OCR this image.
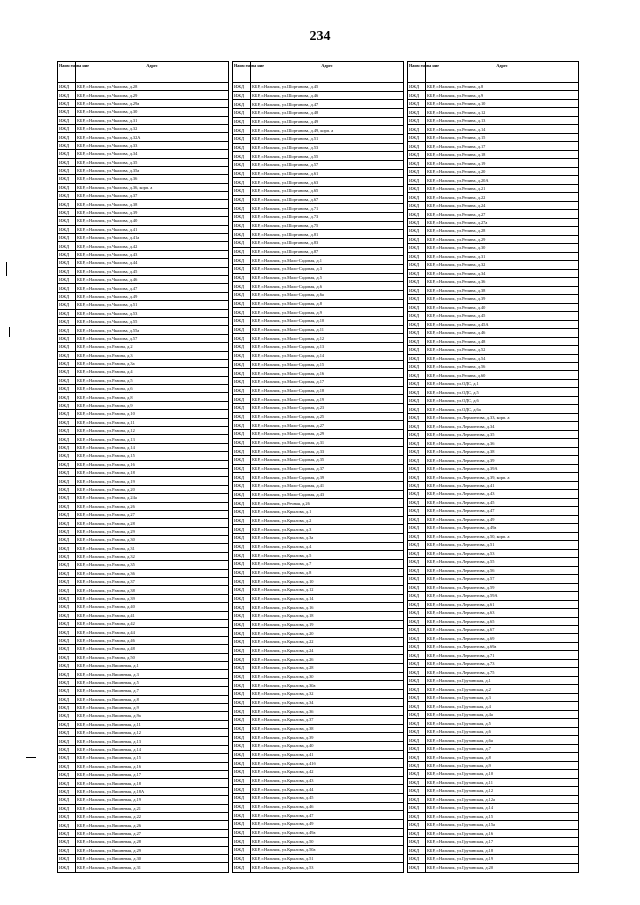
234
Наим енова ние	Адрес
ИЖД	КБР, г.Нальчик, ул.Чкалова, д.28
ИЖД	КБР, г.Нальчик, ул.Чкалова, д.29
ИЖД	КБР, г.Нальчик, ул.Чкалова, д.29а
ИЖД	КБР, г.Нальчик, ул.Чкалова, д.30
ИЖД	КБР, г.Нальчик, ул.Чкалова, д.31
ИЖД	КБР, г.Нальчик, ул.Чкалова, д.32
ИЖД	КБР, г.Нальчик, ул.Чкалова, д.32А
ИЖД	КБР, г.Нальчик, ул.Чкалова, д.33
ИЖД	КБР, г.Нальчик, ул.Чкалова, д.34
ИЖД	КБР, г.Нальчик, ул.Чкалова, д.35
ИЖД	КБР, г.Нальчик, ул.Чкалова, д.35а
ИЖД	КБР, г.Нальчик, ул.Чкалова, д.36
ИЖД	КБР, г.Нальчик, ул.Чкалова, д.36, корп. а
ИЖД	КБР, г.Нальчик, ул.Чкалова, д.37
ИЖД	КБР, г.Нальчик, ул.Чкалова, д.38
ИЖД	КБР, г.Нальчик, ул.Чкалова, д.39
ИЖД	КБР, г.Нальчик, ул.Чкалова, д.40
ИЖД	КБР, г.Нальчик, ул.Чкалова, д.41
ИЖД	КБР, г.Нальчик, ул.Чкалова, д.41а
ИЖД	КБР, г.Нальчик, ул.Чкалова, д.42
ИЖД	КБР, г.Нальчик, ул.Чкалова, д.43
ИЖД	КБР, г.Нальчик, ул.Чкалова, д.44
ИЖД	КБР, г.Нальчик, ул.Чкалова, д.45
ИЖД	КБР, г.Нальчик, ул.Чкалова, д.46
ИЖД	КБР, г.Нальчик, ул.Чкалова, д.47
ИЖД	КБР, г.Нальчик, ул.Чкалова, д.49
ИЖД	КБР, г.Нальчик, ул.Чкалова, д.51
ИЖД	КБР, г.Нальчик, ул.Чкалова, д.53
ИЖД	КБР, г.Нальчик, ул.Чкалова, д.55
ИЖД	КБР, г.Нальчик, ул.Чкалова, д.55а
ИЖД	КБР, г.Нальчик, ул.Чкалова, д.57
ИЖД	КБР, г.Нальчик, ул.Разина, д.2
ИЖД	КБР, г.Нальчик, ул.Разина, д.3
ИЖД	КБР, г.Нальчик, ул.Разина, д.3а
ИЖД	КБР, г.Нальчик, ул.Разина, д.4
ИЖД	КБР, г.Нальчик, ул.Разина, д.5
ИЖД	КБР, г.Нальчик, ул.Разина, д.6
ИЖД	КБР, г.Нальчик, ул.Разина, д.8
ИЖД	КБР, г.Нальчик, ул.Разина, д.9
ИЖД	КБР, г.Нальчик, ул.Разина, д.10
ИЖД	КБР, г.Нальчик, ул.Разина, д.11
ИЖД	КБР, г.Нальчик, ул.Разина, д.12
ИЖД	КБР, г.Нальчик, ул.Разина, д.13
ИЖД	КБР, г.Нальчик, ул.Разина, д.14
ИЖД	КБР, г.Нальчик, ул.Разина, д.15
ИЖД	КБР, г.Нальчик, ул.Разина, д.16
ИЖД	КБР, г.Нальчик, ул.Разина, д.18
ИЖД	КБР, г.Нальчик, ул.Разина, д.19
ИЖД	КБР, г.Нальчик, ул.Разина, д.20
ИЖД	КБР, г.Нальчик, ул.Разина, д.24а
ИЖД	КБР, г.Нальчик, ул.Разина, д.26
ИЖД	КБР, г.Нальчик, ул.Разина, д.27
ИЖД	КБР, г.Нальчик, ул.Разина, д.28
ИЖД	КБР, г.Нальчик, ул.Разина, д.29
ИЖД	КБР, г.Нальчик, ул.Разина, д.30
ИЖД	КБР, г.Нальчик, ул.Разина, д.31
ИЖД	КБР, г.Нальчик, ул.Разина, д.32
ИЖД	КБР, г.Нальчик, ул.Разина, д.35
ИЖД	КБР, г.Нальчик, ул.Разина, д.36
ИЖД	КБР, г.Нальчик, ул.Разина, д.37
ИЖД	КБР, г.Нальчик, ул.Разина, д.38
ИЖД	КБР, г.Нальчик, ул.Разина, д.39
ИЖД	КБР, г.Нальчик, ул.Разина, д.40
ИЖД	КБР, г.Нальчик, ул.Разина, д.41
ИЖД	КБР, г.Нальчик, ул.Разина, д.42
ИЖД	КБР, г.Нальчик, ул.Разина, д.44
ИЖД	КБР, г.Нальчик, ул.Разина, д.46
ИЖД	КБР, г.Нальчик, ул.Разина, д.48
ИЖД	КБР, г.Нальчик, ул.Разина, д.50
ИЖД	КБР, г.Нальчик, ул.Вишневая, д.1
ИЖД	КБР, г.Нальчик, ул.Вишневая, д.3
ИЖД	КБР, г.Нальчик, ул.Вишневая, д.5
ИЖД	КБР, г.Нальчик, ул.Вишневая, д.7
ИЖД	КБР, г.Нальчик, ул.Вишневая, д.8
ИЖД	КБР, г.Нальчик, ул.Вишневая, д.9
ИЖД	КБР, г.Нальчик, ул.Вишневая, д.9а
ИЖД	КБР, г.Нальчик, ул.Вишневая, д.11
ИЖД	КБР, г.Нальчик, ул.Вишневая, д.12
ИЖД	КБР, г.Нальчик, ул.Вишневая, д.13
ИЖД	КБР, г.Нальчик, ул.Вишневая, д.14
ИЖД	КБР, г.Нальчик, ул.Вишневая, д.15
ИЖД	КБР, г.Нальчик, ул.Вишневая, д.16
ИЖД	КБР, г.Нальчик, ул.Вишневая, д.17
ИЖД	КБР, г.Нальчик, ул.Вишневая, д.18
ИЖД	КБР, г.Нальчик, ул.Вишневая, д.18А
ИЖД	КБР, г.Нальчик, ул.Вишневая, д.19
ИЖД	КБР, г.Нальчик, ул.Вишневая, д.21
ИЖД	КБР, г.Нальчик, ул.Вишневая, д.22
ИЖД	КБР, г.Нальчик, ул.Вишневая, д.26
ИЖД	КБР, г.Нальчик, ул.Вишневая, д.27
ИЖД	КБР, г.Нальчик, ул.Вишневая, д.28
ИЖД	КБР, г.Нальчик, ул.Вишневая, д.29
ИЖД	КБР, г.Нальчик, ул.Вишневая, д.30
ИЖД	КБР, г.Нальчик, ул.Вишневая, д.31
Наим енова ние	Адрес
ИЖД	КБР, г.Нальчик, ул.Шортанова, д.45
ИЖД	КБР, г.Нальчик, ул.Шортанова, д.46
ИЖД	КБР, г.Нальчик, ул.Шортанова, д.47
ИЖД	КБР, г.Нальчик, ул.Шортанова, д.48
ИЖД	КБР, г.Нальчик, ул.Шортанова, д.49
ИЖД	КБР, г.Нальчик, ул.Шортанова, д.49, корп. а
ИЖД	КБР, г.Нальчик, ул.Шортанова, д.51
ИЖД	КБР, г.Нальчик, ул.Шортанова, д.53
ИЖД	КБР, г.Нальчик, ул.Шортанова, д.55
ИЖД	КБР, г.Нальчик, ул.Шортанова, д.57
ИЖД	КБР, г.Нальчик, ул.Шортанова, д.61
ИЖД	КБР, г.Нальчик, ул.Шортанова, д.63
ИЖД	КБР, г.Нальчик, ул.Шортанова, д.65
ИЖД	КБР, г.Нальчик, ул.Шортанова, д.67
ИЖД	КБР, г.Нальчик, ул.Шортанова, д.71
ИЖД	КБР, г.Нальчик, ул.Шортанова, д.73
ИЖД	КБР, г.Нальчик, ул.Шортанова, д.75
ИЖД	КБР, г.Нальчик, ул.Шортанова, д.81
ИЖД	КБР, г.Нальчик, ул.Шортанова, д.83
ИЖД	КБР, г.Нальчик, ул.Шортанова, д.87
ИЖД	КБР, г.Нальчик, ул.Мало-Садовая, д.1
ИЖД	КБР, г.Нальчик, ул.Мало-Садовая, д.3
ИЖД	КБР, г.Нальчик, ул.Мало-Садовая, д.5
ИЖД	КБР, г.Нальчик, ул.Мало-Садовая, д.6
ИЖД	КБР, г.Нальчик, ул.Мало-Садовая, д.6а
ИЖД	КБР, г.Нальчик, ул.Мало-Садовая, д.8
ИЖД	КБР, г.Нальчик, ул.Мало-Садовая, д.9
ИЖД	КБР, г.Нальчик, ул.Мало-Садовая, д.10
ИЖД	КБР, г.Нальчик, ул.Мало-Садовая, д.11
ИЖД	КБР, г.Нальчик, ул.Мало-Садовая, д.12
ИЖД	КБР, г.Нальчик, ул.Мало-Садовая, д.13
ИЖД	КБР, г.Нальчик, ул.Мало-Садовая, д.14
ИЖД	КБР, г.Нальчик, ул.Мало-Садовая, д.15
ИЖД	КБР, г.Нальчик, ул.Мало-Садовая, д.16
ИЖД	КБР, г.Нальчик, ул.Мало-Садовая, д.17
ИЖД	КБР, г.Нальчик, ул.Мало-Садовая, д.18
ИЖД	КБР, г.Нальчик, ул.Мало-Садовая, д.19
ИЖД	КБР, г.Нальчик, ул.Мало-Садовая, д.23
ИЖД	КБР, г.Нальчик, ул.Мало-Садовая, д.25
ИЖД	КБР, г.Нальчик, ул.Мало-Садовая, д.27
ИЖД	КБР, г.Нальчик, ул.Мало-Садовая, д.29
ИЖД	КБР, г.Нальчик, ул.Мало-Садовая, д.31
ИЖД	КБР, г.Нальчик, ул.Мало-Садовая, д.33
ИЖД	КБР, г.Нальчик, ул.Мало-Садовая, д.35
ИЖД	КБР, г.Нальчик, ул.Мало-Садовая, д.37
ИЖД	КБР, г.Нальчик, ул.Мало-Садовая, д.39
ИЖД	КБР, г.Нальчик, ул.Мало-Садовая, д.41
ИЖД	КБР, г.Нальчик, ул.Мало-Садовая, д.43
ИЖД	КБР, г.Нальчик, ул.Речная, д.26
ИЖД	КБР, г.Нальчик, ул.Крылова, д.1
ИЖД	КБР, г.Нальчик, ул.Крылова, д.2
ИЖД	КБР, г.Нальчик, ул.Крылова, д.3
ИЖД	КБР, г.Нальчик, ул.Крылова, д.3а
ИЖД	КБР, г.Нальчик, ул.Крылова, д.4
ИЖД	КБР, г.Нальчик, ул.Крылова, д.5
ИЖД	КБР, г.Нальчик, ул.Крылова, д.7
ИЖД	КБР, г.Нальчик, ул.Крылова, д.8
ИЖД	КБР, г.Нальчик, ул.Крылова, д.10
ИЖД	КБР, г.Нальчик, ул.Крылова, д.12
ИЖД	КБР, г.Нальчик, ул.Крылова, д.14
ИЖД	КБР, г.Нальчик, ул.Крылова, д.16
ИЖД	КБР, г.Нальчик, ул.Крылова, д.18
ИЖД	КБР, г.Нальчик, ул.Крылова, д.19
ИЖД	КБР, г.Нальчик, ул.Крылова, д.20
ИЖД	КБР, г.Нальчик, ул.Крылова, д.22
ИЖД	КБР, г.Нальчик, ул.Крылова, д.24
ИЖД	КБР, г.Нальчик, ул.Крылова, д.26
ИЖД	КБР, г.Нальчик, ул.Крылова, д.28
ИЖД	КБР, г.Нальчик, ул.Крылова, д.30
ИЖД	КБР, г.Нальчик, ул.Крылова, д.30а
ИЖД	КБР, г.Нальчик, ул.Крылова, д.32
ИЖД	КБР, г.Нальчик, ул.Крылова, д.34
ИЖД	КБР, г.Нальчик, ул.Крылова, д.36
ИЖД	КБР, г.Нальчик, ул.Крылова, д.37
ИЖД	КБР, г.Нальчик, ул.Крылова, д.38
ИЖД	КБР, г.Нальчик, ул.Крылова, д.39
ИЖД	КБР, г.Нальчик, ул.Крылова, д.40
ИЖД	КБР, г.Нальчик, ул.Крылова, д.41
ИЖД	КБР, г.Нальчик, ул.Крылова, д.41б
ИЖД	КБР, г.Нальчик, ул.Крылова, д.42
ИЖД	КБР, г.Нальчик, ул.Крылова, д.43
ИЖД	КБР, г.Нальчик, ул.Крылова, д.44
ИЖД	КБР, г.Нальчик, ул.Крылова, д.45
ИЖД	КБР, г.Нальчик, ул.Крылова, д.46
ИЖД	КБР, г.Нальчик, ул.Крылова, д.47
ИЖД	КБР, г.Нальчик, ул.Крылова, д.49
ИЖД	КБР, г.Нальчик, ул.Крылова, д.49а
ИЖД	КБР, г.Нальчик, ул.Крылова, д.50
ИЖД	КБР, г.Нальчик, ул.Крылова, д.50а
ИЖД	КБР, г.Нальчик, ул.Крылова, д.51
ИЖД	КБР, г.Нальчик, ул.Крылова, д.53
Наим енова ние	Адрес
ИЖД	КБР, г.Нальчик, ул.Репина, д.8
ИЖД	КБР, г.Нальчик, ул.Репина, д.9
ИЖД	КБР, г.Нальчик, ул.Репина, д.10
ИЖД	КБР, г.Нальчик, ул.Репина, д.12
ИЖД	КБР, г.Нальчик, ул.Репина, д.13
ИЖД	КБР, г.Нальчик, ул.Репина, д.14
ИЖД	КБР, г.Нальчик, ул.Репина, д.15
ИЖД	КБР, г.Нальчик, ул.Репина, д.17
ИЖД	КБР, г.Нальчик, ул.Репина, д.18
ИЖД	КБР, г.Нальчик, ул.Репина, д.19
ИЖД	КБР, г.Нальчик, ул.Репина, д.20
ИЖД	КБР, г.Нальчик, ул.Репина, д.20А
ИЖД	КБР, г.Нальчик, ул.Репина, д.21
ИЖД	КБР, г.Нальчик, ул.Репина, д.22
ИЖД	КБР, г.Нальчик, ул.Репина, д.24
ИЖД	КБР, г.Нальчик, ул.Репина, д.27
ИЖД	КБР, г.Нальчик, ул.Репина, д.27а
ИЖД	КБР, г.Нальчик, ул.Репина, д.28
ИЖД	КБР, г.Нальчик, ул.Репина, д.29
ИЖД	КБР, г.Нальчик, ул.Репина, д.30
ИЖД	КБР, г.Нальчик, ул.Репина, д.31
ИЖД	КБР, г.Нальчик, ул.Репина, д.32
ИЖД	КБР, г.Нальчик, ул.Репина, д.34
ИЖД	КБР, г.Нальчик, ул.Репина, д.36
ИЖД	КБР, г.Нальчик, ул.Репина, д.38
ИЖД	КБР, г.Нальчик, ул.Репина, д.39
ИЖД	КБР, г.Нальчик, ул.Репина, д.40
ИЖД	КБР, г.Нальчик, ул.Репина, д.45
ИЖД	КБР, г.Нальчик, ул.Репина, д.45А
ИЖД	КБР, г.Нальчик, ул.Репина, д.46
ИЖД	КБР, г.Нальчик, ул.Репина, д.48
ИЖД	КБР, г.Нальчик, ул.Репина, д.52
ИЖД	КБР, г.Нальчик, ул.Репина, д.54
ИЖД	КБР, г.Нальчик, ул.Репина, д.56
ИЖД	КБР, г.Нальчик, ул.Репина, д.60
ИЖД	КБР, г.Нальчик, ул.ОДС, д.1
ИЖД	КБР, г.Нальчик, ул.ОДС, д.5
ИЖД	КБР, г.Нальчик, ул.ОДС, д.6
ИЖД	КБР, г.Нальчик, ул.ОДС, д.6а
ИЖД	КБР, г.Нальчик, ул.Лермонтова, д.33, корп. а
ИЖД	КБР, г.Нальчик, ул.Лермонтова, д.34
ИЖД	КБР, г.Нальчик, ул.Лермонтова, д.35
ИЖД	КБР, г.Нальчик, ул.Лермонтова, д.36
ИЖД	КБР, г.Нальчик, ул.Лермонтова, д.38
ИЖД	КБР, г.Нальчик, ул.Лермонтова, д.39
ИЖД	КБР, г.Нальчик, ул.Лермонтова, д.39А
ИЖД	КБР, г.Нальчик, ул.Лермонтова, д.39, корп. а
ИЖД	КБР, г.Нальчик, ул.Лермонтова, д.41
ИЖД	КБР, г.Нальчик, ул.Лермонтова, д.43
ИЖД	КБР, г.Нальчик, ул.Лермонтова, д.45
ИЖД	КБР, г.Нальчик, ул.Лермонтова, д.47
ИЖД	КБР, г.Нальчик, ул.Лермонтова, д.49
ИЖД	КБР, г.Нальчик, ул.Лермонтова, д.49а
ИЖД	КБР, г.Нальчик, ул.Лермонтова, д.50, корп. а
ИЖД	КБР, г.Нальчик, ул.Лермонтова, д.51
ИЖД	КБР, г.Нальчик, ул.Лермонтова, д.53
ИЖД	КБР, г.Нальчик, ул.Лермонтова, д.55
ИЖД	КБР, г.Нальчик, ул.Лермонтова, д.56
ИЖД	КБР, г.Нальчик, ул.Лермонтова, д.57
ИЖД	КБР, г.Нальчик, ул.Лермонтова, д.59
ИЖД	КБР, г.Нальчик, ул.Лермонтова, д.59А
ИЖД	КБР, г.Нальчик, ул.Лермонтова, д.61
ИЖД	КБР, г.Нальчик, ул.Лермонтова, д.63
ИЖД	КБР, г.Нальчик, ул.Лермонтова, д.65
ИЖД	КБР, г.Нальчик, ул.Лермонтова, д.67
ИЖД	КБР, г.Нальчик, ул.Лермонтова, д.69
ИЖД	КБР, г.Нальчик, ул.Лермонтова, д.69а
ИЖД	КБР, г.Нальчик, ул.Лермонтова, д.71
ИЖД	КБР, г.Нальчик, ул.Лермонтова, д.73
ИЖД	КБР, г.Нальчик, ул.Лермонтова, д.75
ИЖД	КБР, г.Нальчик, ул.Грузинская, д.1
ИЖД	КБР, г.Нальчик, ул.Грузинская, д.2
ИЖД	КБР, г.Нальчик, ул.Грузинская, д.3
ИЖД	КБР, г.Нальчик, ул.Грузинская, д.4
ИЖД	КБР, г.Нальчик, ул.Грузинская, д.4а
ИЖД	КБР, г.Нальчик, ул.Грузинская, д.5
ИЖД	КБР, г.Нальчик, ул.Грузинская, д.6
ИЖД	КБР, г.Нальчик, ул.Грузинская, д.6а
ИЖД	КБР, г.Нальчик, ул.Грузинская, д.7
ИЖД	КБР, г.Нальчик, ул.Грузинская, д.8
ИЖД	КБР, г.Нальчик, ул.Грузинская, д.9
ИЖД	КБР, г.Нальчик, ул.Грузинская, д.10
ИЖД	КБР, г.Нальчик, ул.Грузинская, д.11
ИЖД	КБР, г.Нальчик, ул.Грузинская, д.12
ИЖД	КБР, г.Нальчик, ул.Грузинская, д.12а
ИЖД	КБР, г.Нальчик, ул.Грузинская, д.14
ИЖД	КБР, г.Нальчик, ул.Грузинская, д.15
ИЖД	КБР, г.Нальчик, ул.Грузинская, д.15а
ИЖД	КБР, г.Нальчик, ул.Грузинская, д.16
ИЖД	КБР, г.Нальчик, ул.Грузинская, д.17
ИЖД	КБР, г.Нальчик, ул.Грузинская, д.18
ИЖД	КБР, г.Нальчик, ул.Грузинская, д.19
ИЖД	КБР, г.Нальчик, ул.Грузинская, д.20
